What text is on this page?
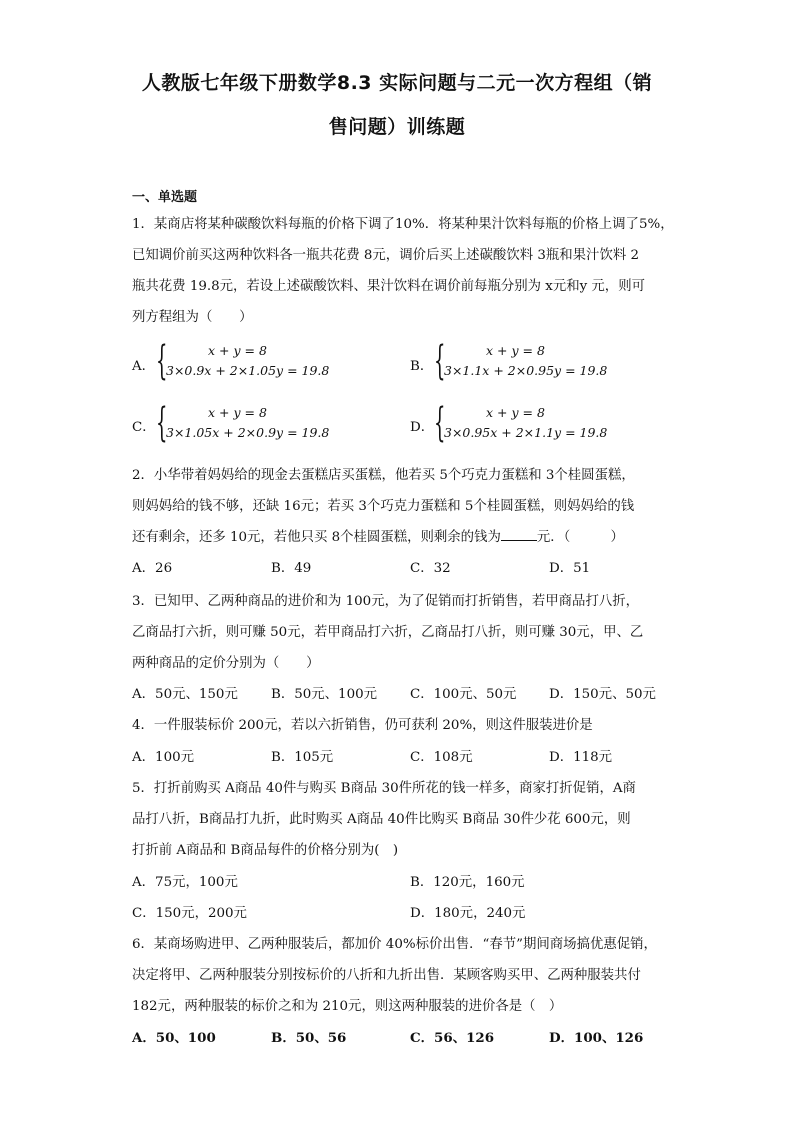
人教版七年级下册数学8.3 实际问题与二元一次方程组（销
售问题）训练题
一、单选题
1．某商店将某种碳酸饮料每瓶的价格下调了10%．将某种果汁饮料每瓶的价格上调了5%，
已知调价前买这两种饮料各一瓶共花费 8元，调价后买上述碳酸饮料 3瓶和果汁饮料 2
瓶共花费 19.8元，若设上述碳酸饮料、果汁饮料在调价前每瓶分别为 x元和y 元，则可
列方程组为（　　）
A． {	x + y = 8
3×0.9x + 2×1.05y = 19.8	B． {	x + y = 8
3×1.1x + 2×0.95y = 19.8
C． {	x + y = 8
3×1.05x + 2×0.9y = 19.8	D． {	x + y = 8
3×0.95x + 2×1.1y = 19.8
2．小华带着妈妈给的现金去蛋糕店买蛋糕，他若买 5个巧克力蛋糕和 3个桂圆蛋糕，
则妈妈给的钱不够，还缺 16元；若买 3个巧克力蛋糕和 5个桂圆蛋糕，则妈妈给的钱
还有剩余，还多 10元，若他只买 8个桂圆蛋糕，则剩余的钱为	元．（　　　）
A．26	B．49	C．32	D．51
3．已知甲、乙两种商品的进价和为 100元，为了促销而打折销售，若甲商品打八折，
乙商品打六折，则可赚 50元，若甲商品打六折，乙商品打八折，则可赚 30元，甲、乙
两种商品的定价分别为（　　）
A．50元、150元 B．50元、100元 C．100元、50元 D．150元、50元
4．一件服装标价 200元，若以六折销售，仍可获利 20%，则这件服装进价是
A．100元	B．105元	C．108元	D．118元
5．打折前购买 A商品 40件与购买 B商品 30件所花的钱一样多，商家打折促销，A商
品打八折，B商品打九折，此时购买 A商品 40件比购买 B商品 30件少花 600元，则
打折前 A商品和 B商品每件的价格分别为(　)
A．75元，100元	B．120元，160元
C．150元，200元	D．180元，240元
6．某商场购进甲、乙两种服装后，都加价 40%标价出售．“春节”期间商场搞优惠促销，
决定将甲、乙两种服装分别按标价的八折和九折出售．某顾客购买甲、乙两种服装共付
182元，两种服装的标价之和为 210元，则这两种服装的进价各是（　）
A．50、100	B．50、56	C．56、126	D．100、126
